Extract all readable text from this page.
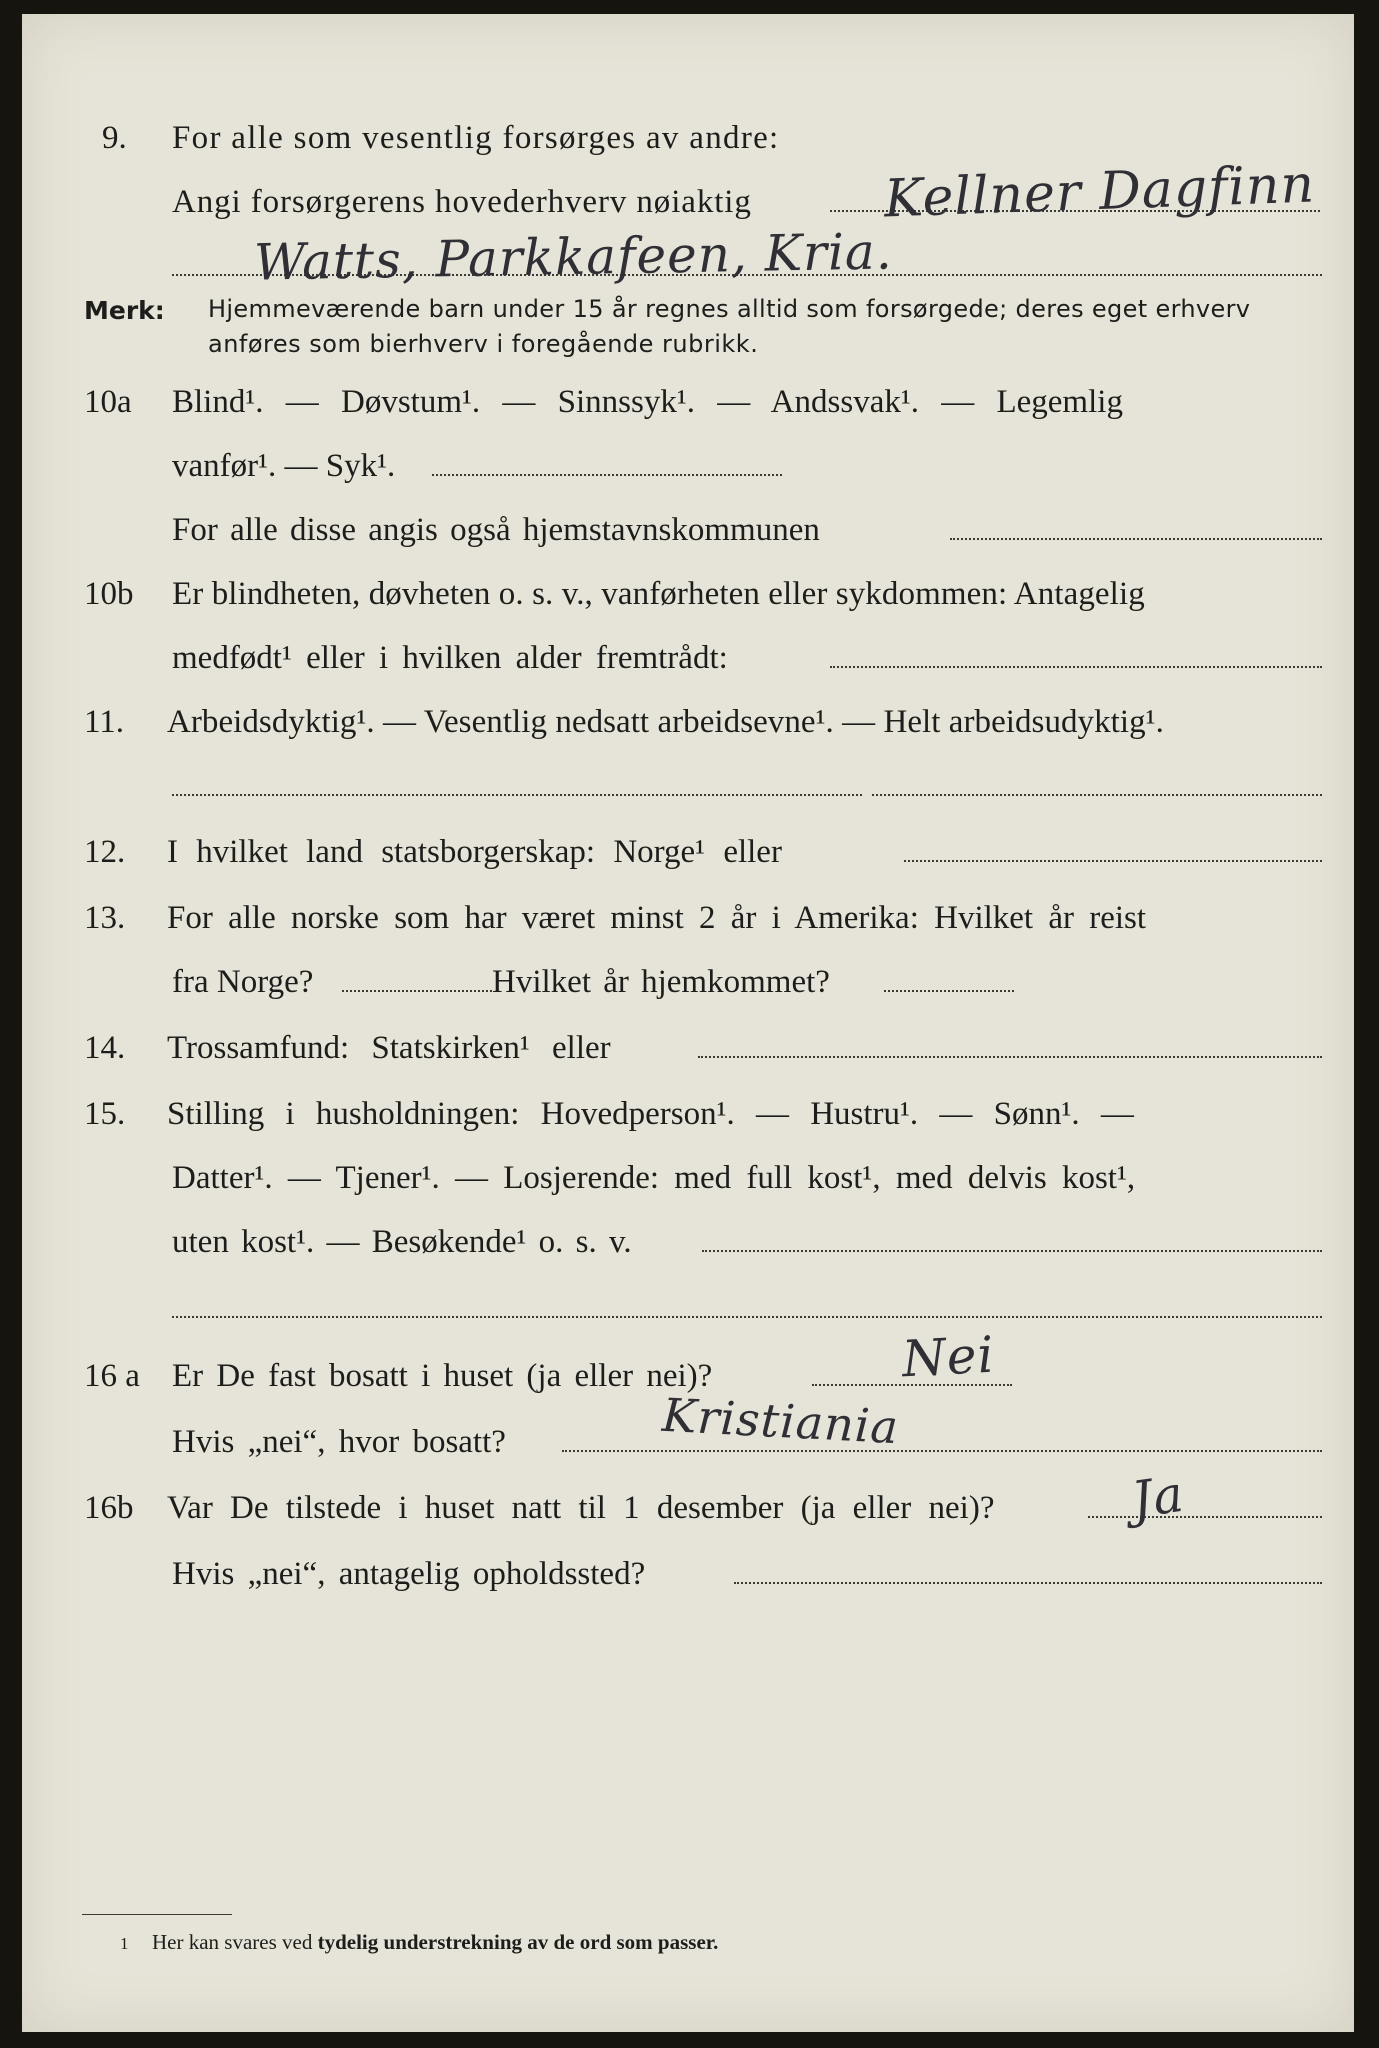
9. For alle som vesentlig forsørges av andre:
Angi forsørgerens hovederhverv nøiaktig	Kellner Dagfinn
Watts, Parkkafeen, Kria.
Merk: Hjemmeværende barn under 15 år regnes alltid som forsørgede; deres eget erhverv
anføres som bierhverv i foregående rubrikk.
10a Blind¹. — Døvstum¹. — Sinnssyk¹. — Andssvak¹. — Legemlig
vanfør¹. — Syk¹.
For alle disse angis også hjemstavnskommunen
10b Er blindheten, døvheten o. s. v., vanførheten eller sykdommen: Antagelig
medfødt¹ eller i hvilken alder fremtrådt:
11. Arbeidsdyktig¹. — Vesentlig nedsatt arbeidsevne¹. — Helt arbeidsudyktig¹.
12. I hvilket land statsborgerskap: Norge¹ eller
13. For alle norske som har været minst 2 år i Amerika: Hvilket år reist
fra Norge?	Hvilket år hjemkommet?
14. Trossamfund: Statskirken¹ eller
15. Stilling i husholdningen: Hovedperson¹. — Hustru¹. — Sønn¹. —
Datter¹. — Tjener¹. — Losjerende: med full kost¹, med delvis kost¹,
uten kost¹. — Besøkende¹ o. s. v.
16 a Er De fast bosatt i huset (ja eller nei)?	Nei
Hvis „nei“, hvor bosatt?	Kristiania
16b Var De tilstede i huset natt til 1 desember (ja eller nei)?	Ja
Hvis „nei“, antagelig opholdssted?
1 Her kan svares ved tydelig understrekning av de ord som passer.
